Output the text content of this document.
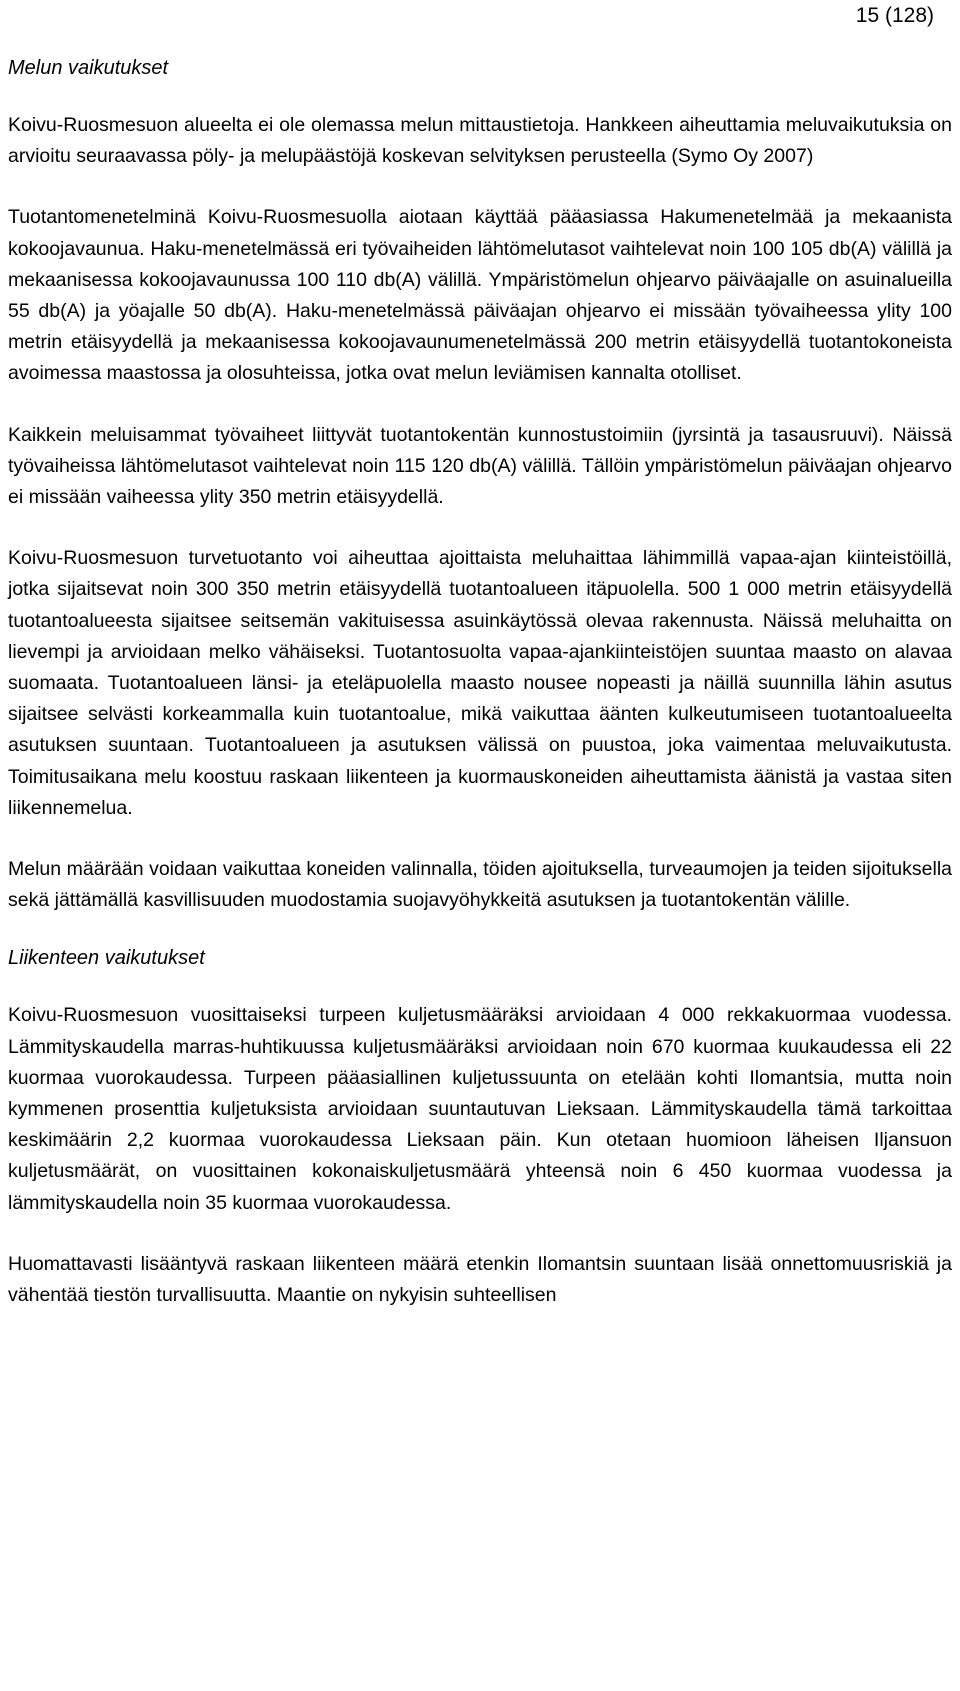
15 (128)
Melun vaikutukset

Koivu-Ruosmesuon alueelta ei ole olemassa melun mittaustietoja. Hankkeen aiheuttamia meluvaikutuksia on arvioitu seuraavassa pöly- ja melupäästöjä koskevan selvityksen perusteella (Symo Oy 2007)

Tuotantomenetelminä Koivu-Ruosmesuolla aiotaan käyttää pääasiassa Hakumenetelmää ja mekaanista kokoojavaunua. Haku-menetelmässä eri työvaiheiden lähtömelutasot vaihtelevat noin 100 105 db(A) välillä ja mekaanisessa kokoojavaunussa 100 110 db(A) välillä. Ympäristömelun ohjearvo päiväajalle on asuinalueilla 55 db(A) ja yöajalle 50 db(A). Haku-menetelmässä päiväajan ohjearvo ei missään työvaiheessa ylity 100 metrin etäisyydellä ja mekaanisessa kokoojavaunumenetelmässä 200 metrin etäisyydellä tuotantokoneista avoimessa maastossa ja olosuhteissa, jotka ovat melun leviämisen kannalta otolliset.

Kaikkein meluisammat työvaiheet liittyvät tuotantokentän kunnostustoimiin (jyrsintä ja tasausruuvi). Näissä työvaiheissa lähtömelutasot vaihtelevat noin 115 120 db(A) välillä. Tällöin ympäristömelun päiväajan ohjearvo ei missään vaiheessa ylity 350 metrin etäisyydellä.

Koivu-Ruosmesuon turvetuotanto voi aiheuttaa ajoittaista meluhaittaa lähimmillä vapaa-ajan kiinteistöillä, jotka sijaitsevat noin 300 350 metrin etäisyydellä tuotantoalueen itäpuolella. 500 1 000 metrin etäisyydellä tuotantoalueesta sijaitsee seitsemän vakituisessa asuinkäytössä olevaa rakennusta. Näissä meluhaitta on lievempi ja arvioidaan melko vähäiseksi. Tuotantosuolta vapaa-ajankiinteistöjen suuntaa maasto on alavaa suomaata. Tuotantoalueen länsi- ja eteläpuolella maasto nousee nopeasti ja näillä suunnilla lähin asutus sijaitsee selvästi korkeammalla kuin tuotantoalue, mikä vaikuttaa äänten kulkeutumiseen tuotantoalueelta asutuksen suuntaan. Tuotantoalueen ja asutuksen välissä on puustoa, joka vaimentaa meluvaikutusta. Toimitusaikana melu koostuu raskaan liikenteen ja kuormauskoneiden aiheuttamista äänistä ja vastaa siten liikennemelua.

Melun määrään voidaan vaikuttaa koneiden valinnalla, töiden ajoituksella, turveaumojen ja teiden sijoituksella sekä jättämällä kasvillisuuden muodostamia suojavyöhykkeitä asutuksen ja tuotantokentän välille.

Liikenteen vaikutukset

Koivu-Ruosmesuon vuosittaiseksi turpeen kuljetusmääräksi arvioidaan 4 000 rekkakuormaa vuodessa. Lämmityskaudella marras-huhtikuussa kuljetusmääräksi arvioidaan noin 670 kuormaa kuukaudessa eli 22 kuormaa vuorokaudessa. Turpeen pääasiallinen kuljetussuunta on etelään kohti Ilomantsia, mutta noin kymmenen prosenttia kuljetuksista arvioidaan suuntautuvan Lieksaan. Lämmityskaudella tämä tarkoittaa keskimäärin 2,2 kuormaa vuorokaudessa Lieksaan päin. Kun otetaan huomioon läheisen Iljansuon kuljetusmäärät, on vuosittainen kokonaiskuljetusmäärä yhteensä noin 6 450 kuormaa vuodessa ja lämmityskaudella noin 35 kuormaa vuorokaudessa.

Huomattavasti lisääntyvä raskaan liikenteen määrä etenkin Ilomantsin suuntaan lisää onnettomuusriskiä ja vähentää tiestön turvallisuutta. Maantie on nykyisin suhteellisen
